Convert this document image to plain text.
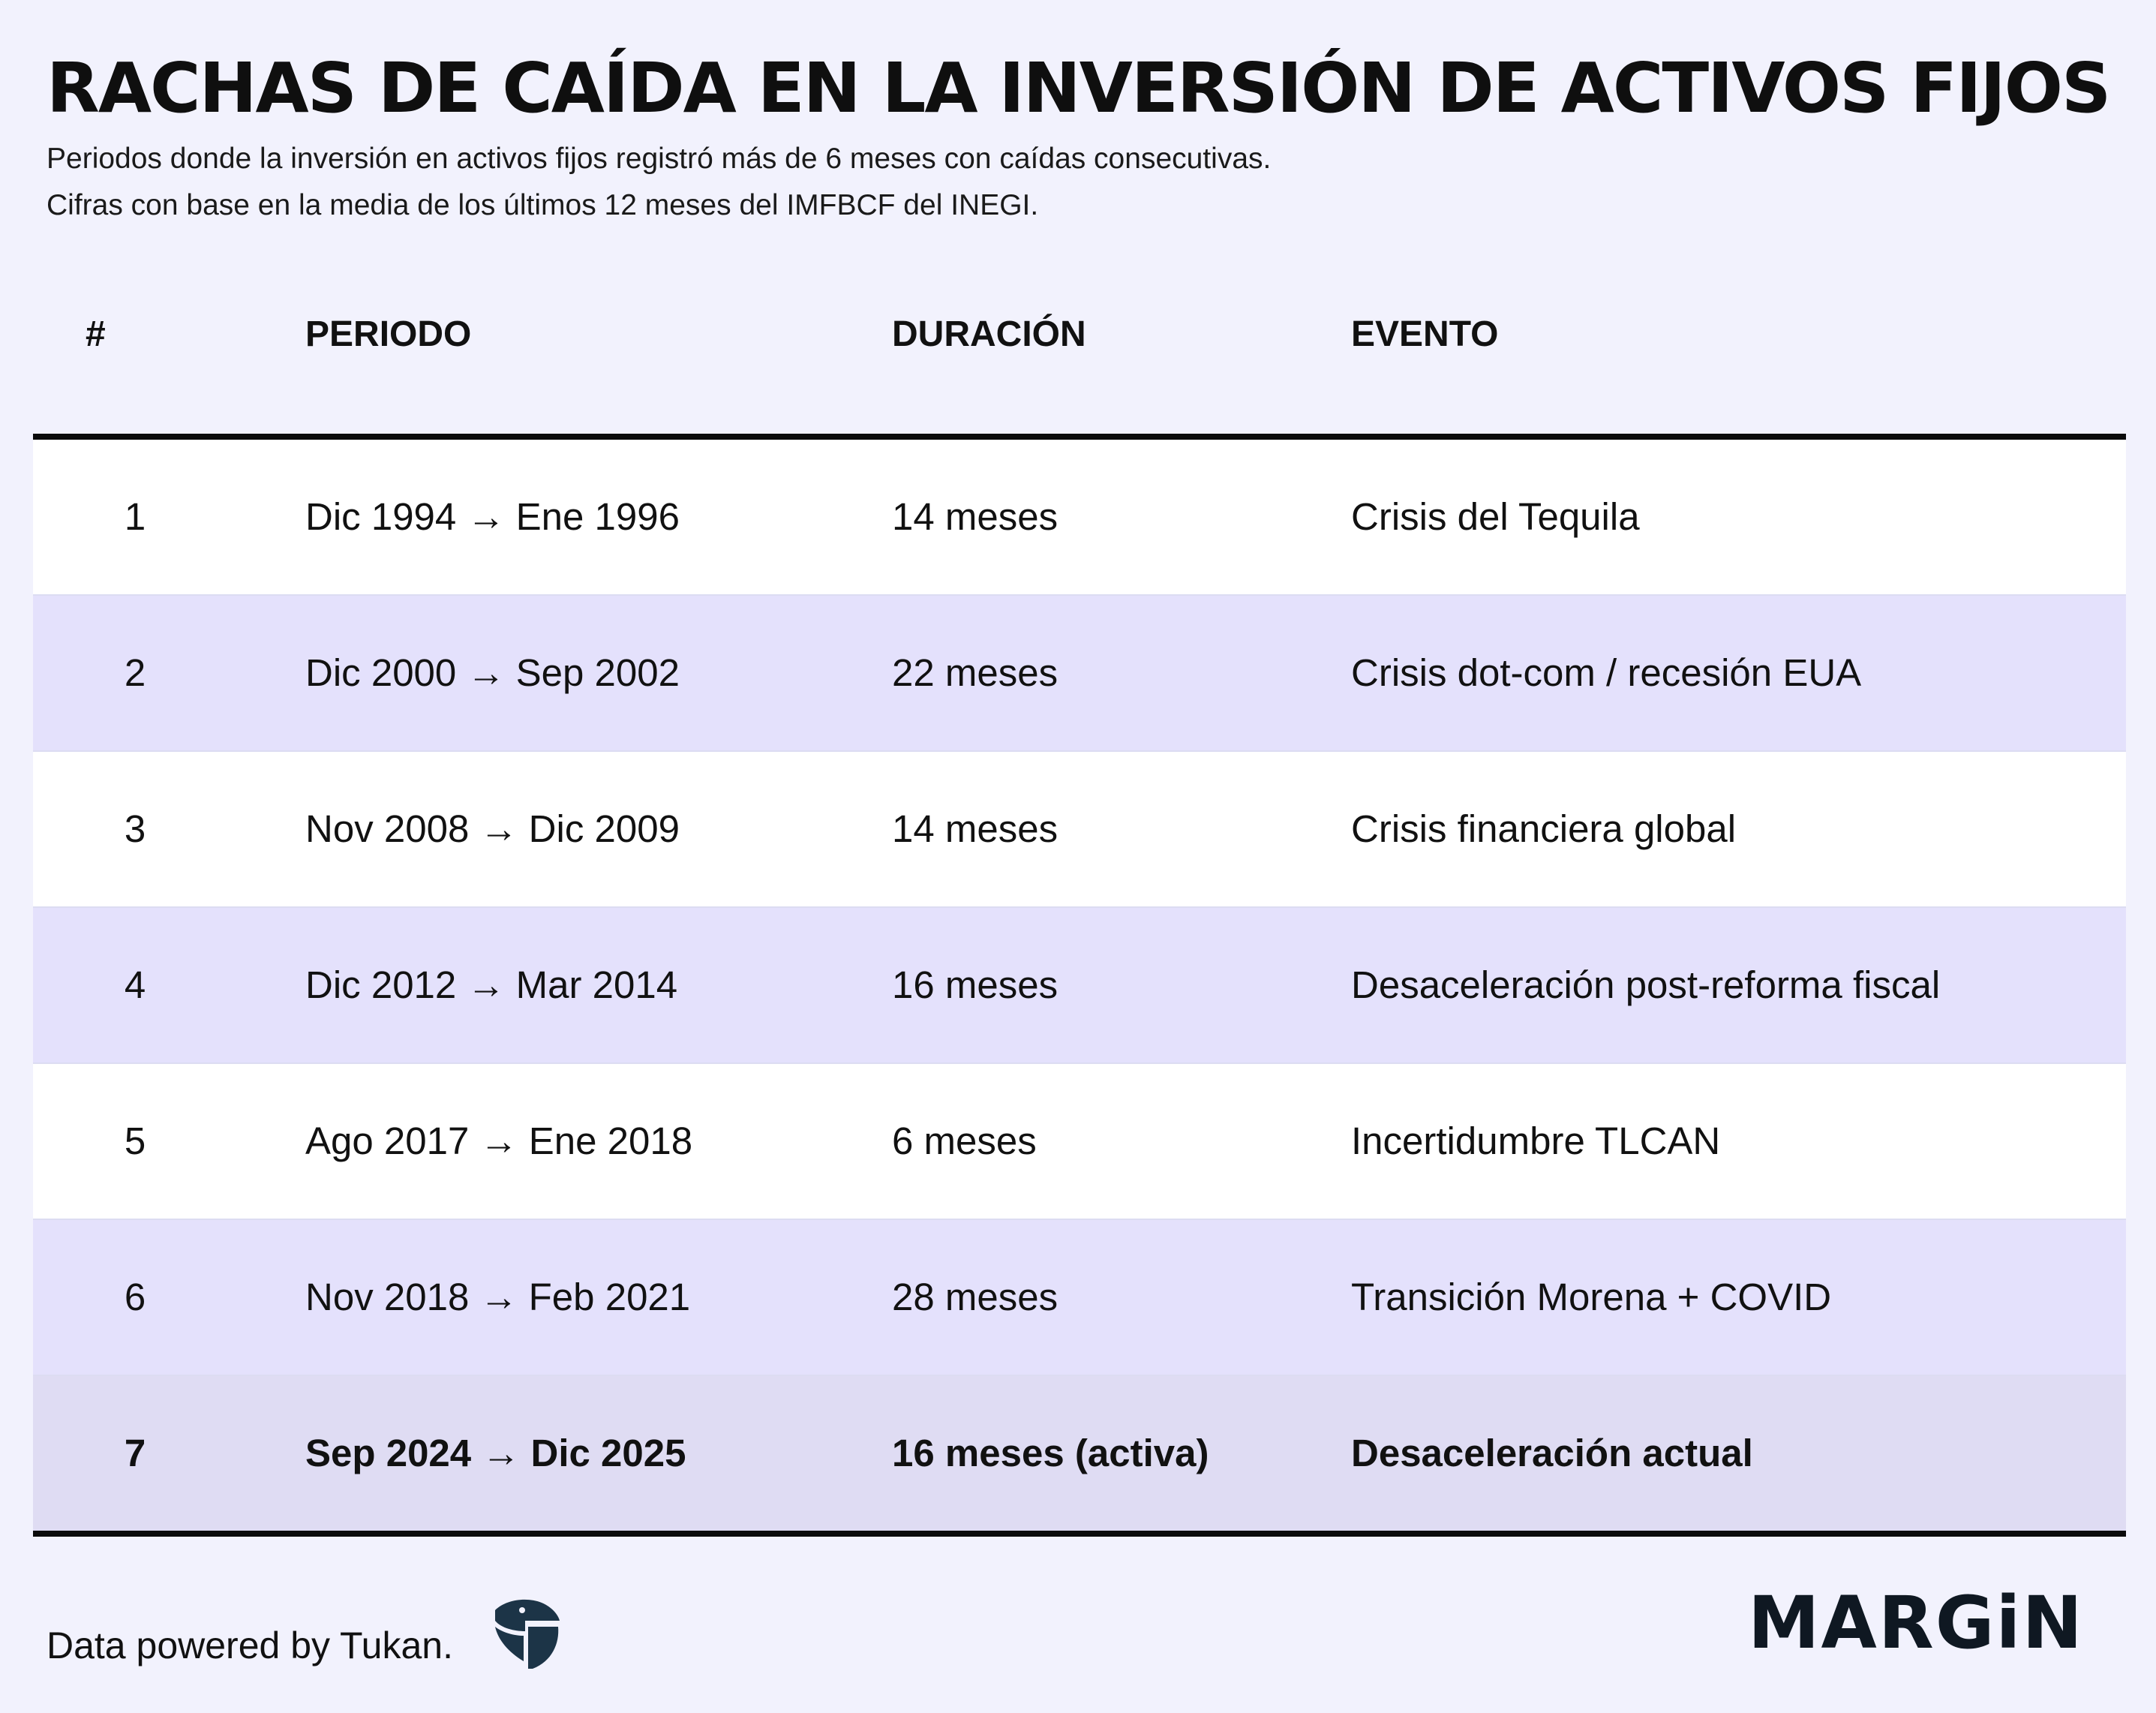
RACHAS DE CAÍDA EN LA INVERSIÓN DE ACTIVOS FIJOS
Periodos donde la inversión en activos fijos registró más de 6 meses con caídas consecutivas.
Cifras con base en la media de los últimos 12 meses del IMFBCF del INEGI.
#	PERIODO	DURACIÓN	EVENTO
1	Dic 1994 → Ene 1996	14 meses	Crisis del Tequila
2	Dic 2000 → Sep 2002	22 meses	Crisis dot-com / recesión EUA
3	Nov 2008 → Dic 2009	14 meses	Crisis financiera global
4	Dic 2012 → Mar 2014	16 meses	Desaceleración post-reforma fiscal
5	Ago 2017 → Ene 2018	6 meses	Incertidumbre TLCAN
6	Nov 2018 → Feb 2021	28 meses	Transición Morena + COVID
7	Sep 2024 → Dic 2025	16 meses (activa)	Desaceleración actual
Data powered by Tukan.	MARGiN
